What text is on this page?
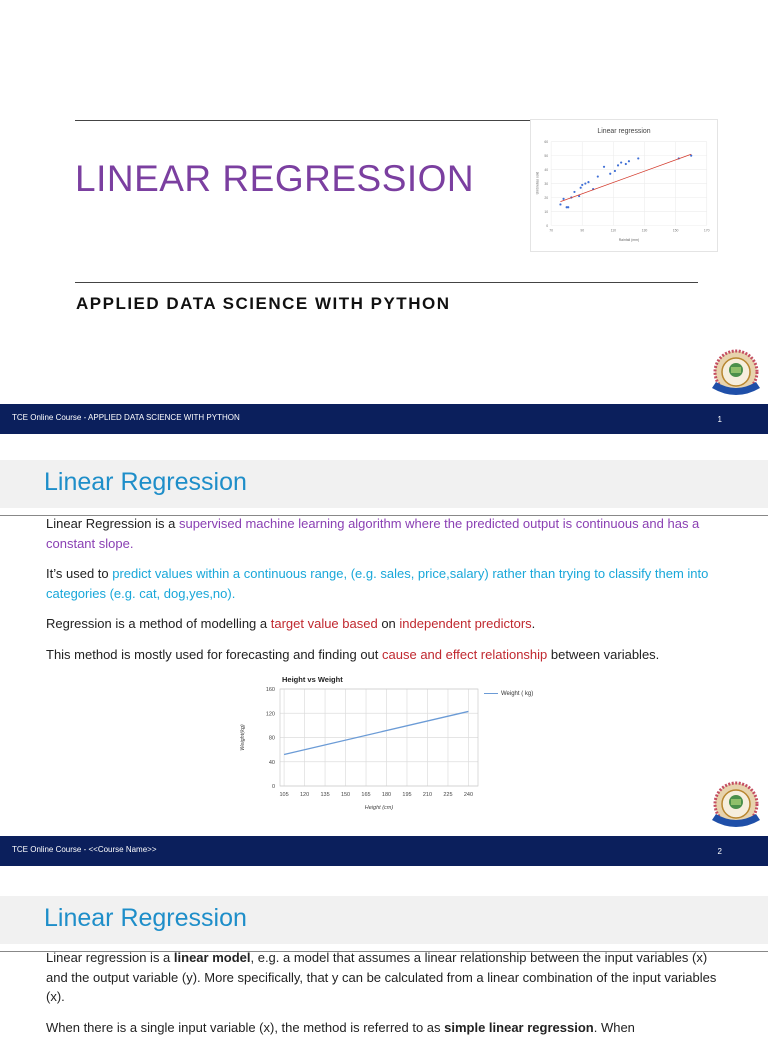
LINEAR REGRESSION
Linear regression
0
10
20
30
40
50
60
70	90	110	130	150	170
Rainfall (mm)
Umbrellas sold
APPLIED DATA SCIENCE WITH PYTHON
TCE Online Course - APPLIED DATA SCIENCE WITH PYTHON	1
Linear Regression
Linear Regression is a supervised machine learning algorithm where the predicted output is continuous and has a constant slope.
It’s used to predict values within a continuous range, (e.g. sales, price,salary) rather than trying to classify them into categories (e.g. cat, dog,yes,no).
Regression is a method of modelling a target value based on independent predictors.
This method is mostly used for forecasting and finding out cause and effect relationship between variables.
Height vs Weight
0
40
80
120
160
105 120 135 150 165 180 195 210 225 240
Height (cm)
Weight(kg)
Weight ( kg)
TCE Online Course - <<Course Name>>	2
Linear Regression
Linear regression is a linear model, e.g. a model that assumes a linear relationship between the input variables (x) and the output variable (y). More specifically, that y can be calculated from a linear combination of the input variables (x).
When there is a single input variable (x), the method is referred to as simple linear regression. When
